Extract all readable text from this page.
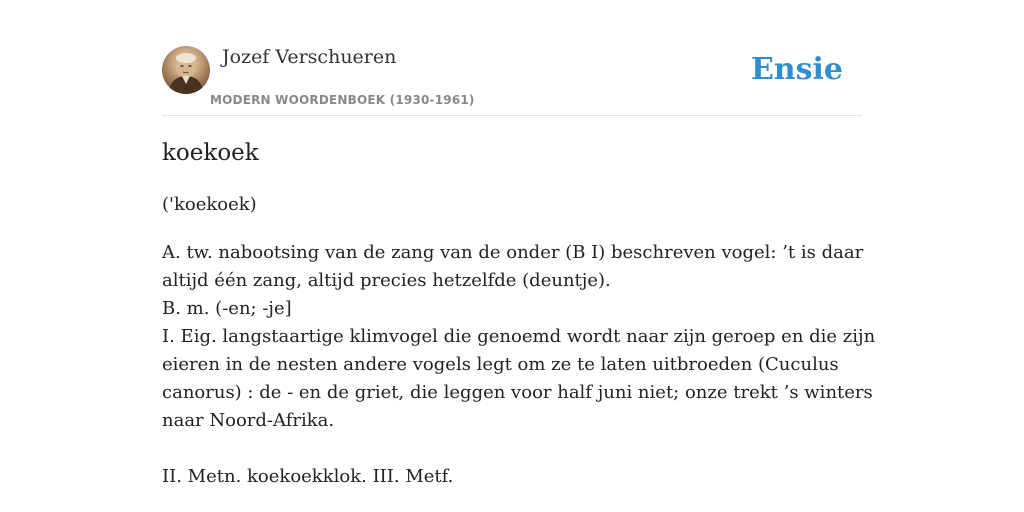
Jozef Verschueren
MODERN WOORDENBOEK (1930-1961)
Ensie
koekoek
('koekoek)
A. tw. nabootsing van de zang van de onder (B I) beschreven vogel: ’t is daar
altijd één zang, altijd precies hetzelfde (deuntje).
B. m. (-en; -je]
I. Eig. langstaartige klimvogel die genoemd wordt naar zijn geroep en die zijn
eieren in de nesten andere vogels legt om ze te laten uitbroeden (Cuculus
canorus) : de - en de griet, die leggen voor half juni niet; onze trekt ’s winters
naar Noord-Afrika.
II. Metn. koekoekklok. III. Metf.
